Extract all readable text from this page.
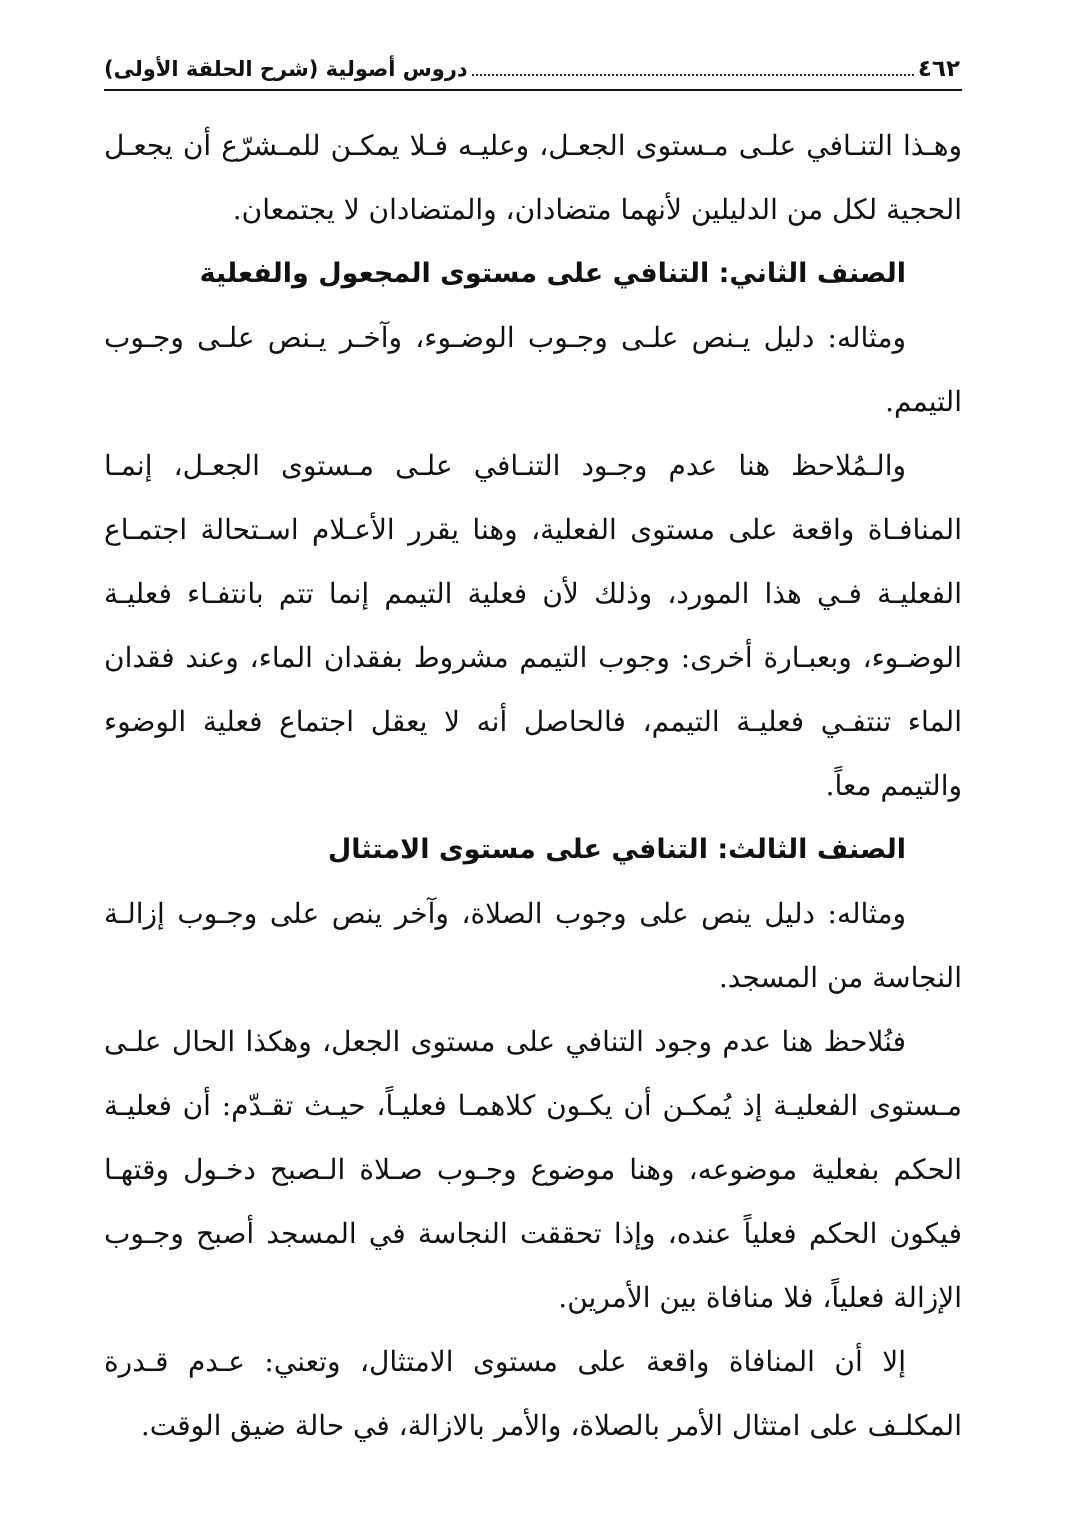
٤٦٢
دروس أصولية (شرح الحلقة الأولى)

وهـذا التنـافي علـى مـستوى الجعـل، وعليـه فـلا يمكـن للمـشرّع أن يجعـل الحجية لكل من الدليلين لأنهما متضادان، والمتضادان لا يجتمعان.

الصنف الثاني: التنافي على مستوى المجعول والفعلية

ومثاله: دليل يـنص علـى وجـوب الوضـوء، وآخـر يـنص علـى وجـوب التيمم.

والـمُلاحظ هنا عدم وجـود التنـافي علـى مـستوى الجعـل، إنمـا المنافـاة واقعة على مستوى الفعلية، وهنا يقرر الأعـلام اسـتحالة اجتمـاع الفعليـة فـي هذا المورد، وذلك لأن فعلية التيمم إنما تتم بانتفـاء فعليـة الوضـوء، وبعبـارة أخرى: وجوب التيمم مشروط بفقدان الماء، وعند فقدان الماء تنتفـي فعليـة التيمم، فالحاصل أنه لا يعقل اجتماع فعلية الوضوء والتيمم معاً.

الصنف الثالث: التنافي على مستوى الامتثال

ومثاله: دليل ينص على وجوب الصلاة، وآخر ينص على وجـوب إزالـة النجاسة من المسجد.

فنُلاحظ هنا عدم وجود التنافي على مستوى الجعل، وهكذا الحال علـى مـستوى الفعليـة إذ يُمكـن أن يكـون كلاهمـا فعليـاً، حيـث تقـدّم: أن فعليـة الحكم بفعلية موضوعه، وهنا موضوع وجـوب صـلاة الـصبح دخـول وقتهـا فيكون الحكم فعلياً عنده، وإذا تحققت النجاسة في المسجد أصبح وجـوب الإزالة فعلياً، فلا منافاة بين الأمرين.

إلا أن المنافاة واقعة على مستوى الامتثال، وتعني: عـدم قـدرة المكلـف على امتثال الأمر بالصلاة، والأمر بالازالة، في حالة ضيق الوقت.
